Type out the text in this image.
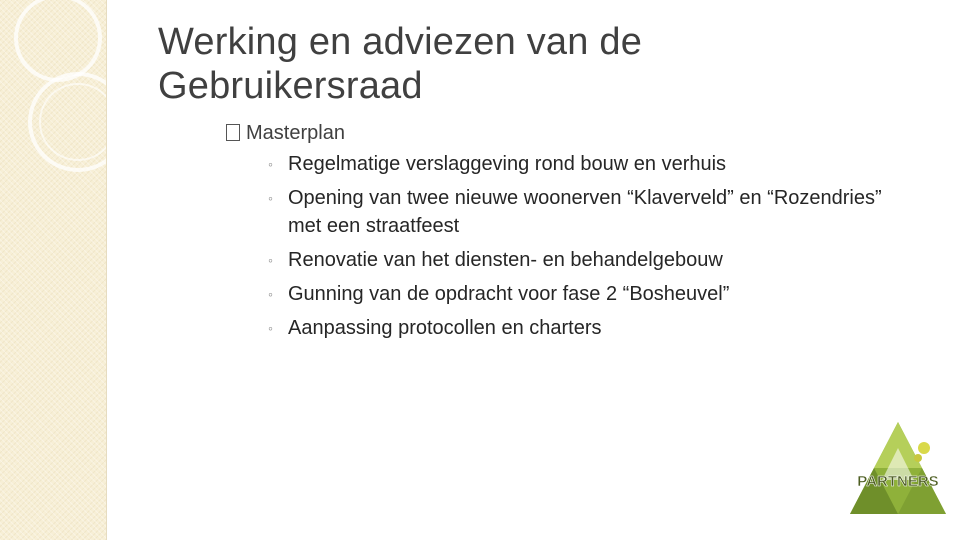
Werking en adviezen van de
Gebruikersraad
Masterplan
◦ Regelmatige verslaggeving rond bouw en verhuis
◦ Opening van twee nieuwe woonerven “Klaverveld” en “Rozendries” met een straatfeest
◦ Renovatie van het diensten- en behandelgebouw
◦ Gunning van de opdracht voor fase 2 “Bosheuvel”
◦ Aanpassing protocollen en charters
PARTNERS
